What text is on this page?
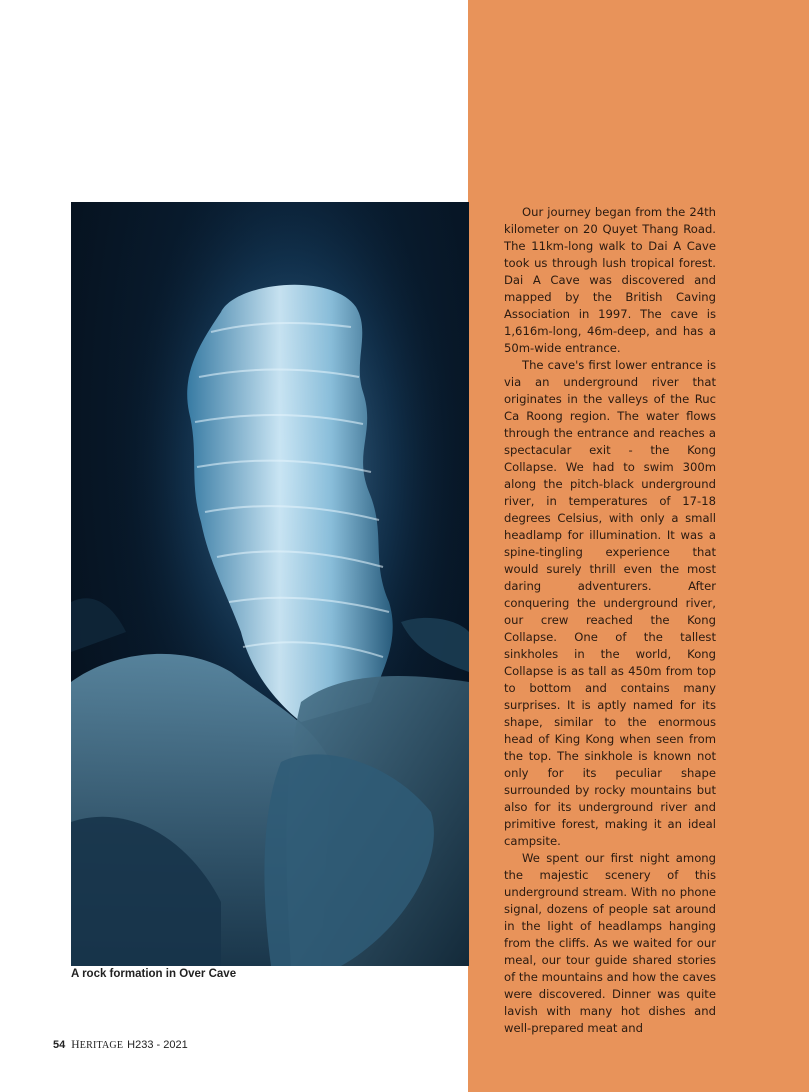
A rock formation in Over Cave

Our journey began from the 24th kilometer on 20 Quyet Thang Road. The 11km-long walk to Dai A Cave took us through lush tropical forest. Dai A Cave was discovered and mapped by the British Caving Association in 1997. The cave is 1,616m-long, 46m-deep, and has a 50m-wide entrance.

The cave's first lower entrance is via an underground river that originates in the valleys of the Ruc Ca Roong region. The water flows through the entrance and reaches a spectacular exit - the Kong Collapse. We had to swim 300m along the pitch-black underground river, in temperatures of 17-18 degrees Celsius, with only a small headlamp for illumination. It was a spine-tingling experience that would surely thrill even the most daring adventurers. After conquering the underground river, our crew reached the Kong Collapse. One of the tallest sinkholes in the world, Kong Collapse is as tall as 450m from top to bottom and contains many surprises. It is aptly named for its shape, similar to the enormous head of King Kong when seen from the top. The sinkhole is known not only for its peculiar shape surrounded by rocky mountains but also for its underground river and primitive forest, making it an ideal campsite.

We spent our first night among the majestic scenery of this underground stream. With no phone signal, dozens of people sat around in the light of headlamps hanging from the cliffs. As we waited for our meal, our tour guide shared stories of the mountains and how the caves were discovered. Dinner was quite lavish with many hot dishes and well-prepared meat and

54 HERITAGE H233 - 2021
